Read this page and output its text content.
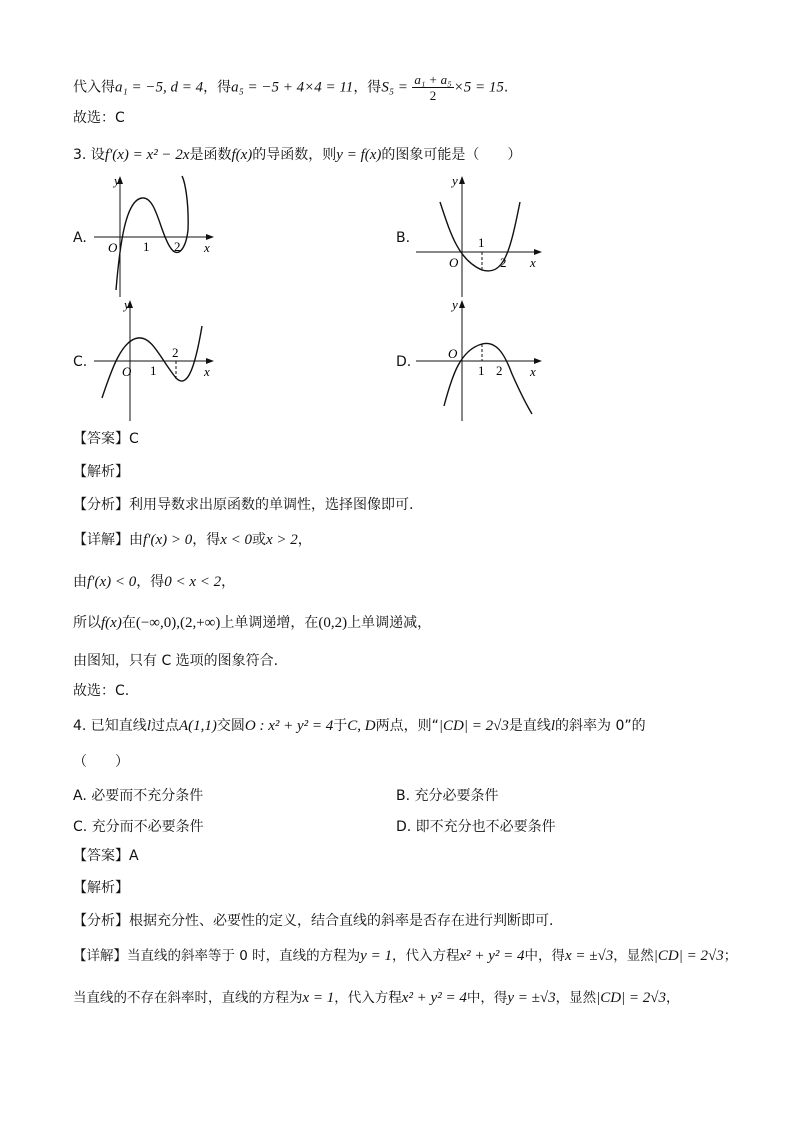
代入得a₁ = −5, d = 4，得a₅ = −5 + 4×4 = 11，得$S_5 = \frac{\text{a₁ + a₅}}{2} \times 5 = 15$.
故选：C
3. 设f′(x) = x² − 2x是函数f(x)的导函数，则y = f(x)的图象可能是（　　）
A.	B.
C.	D.
y
x
O 1 2
y
x
O
1
2
y
x
O 1
2
y
x
O
1 2
【答案】C
【解析】
【分析】利用导数求出原函数的单调性，选择图像即可.
【详解】由f′(x) > 0，得x < 0或x > 2，
由f′(x) < 0，得0 < x < 2，
所以f(x)在(−∞,0),(2,+∞)上单调递增，在(0,2)上单调递减，
由图知，只有 C 选项的图象符合.
故选：C.
4. 已知直线l过点A(1,1)交圆O : x² + y² = 4于C, D两点，则“|CD| = 2√3是直线l的斜率为 0”的
（　　）
A. 必要而不充分条件	B. 充分必要条件
C. 充分而不必要条件	D. 即不充分也不必要条件
【答案】A
【解析】
【分析】根据充分性、必要性的定义，结合直线的斜率是否存在进行判断即可.
【详解】当直线的斜率等于 0 时，直线的方程为y = 1，代入方程x² + y² = 4中，得x = ±√3，显然|CD| = 2√3；
当直线的不存在斜率时，直线的方程为x = 1，代入方程x² + y² = 4中，得y = ±√3，显然|CD| = 2√3，
